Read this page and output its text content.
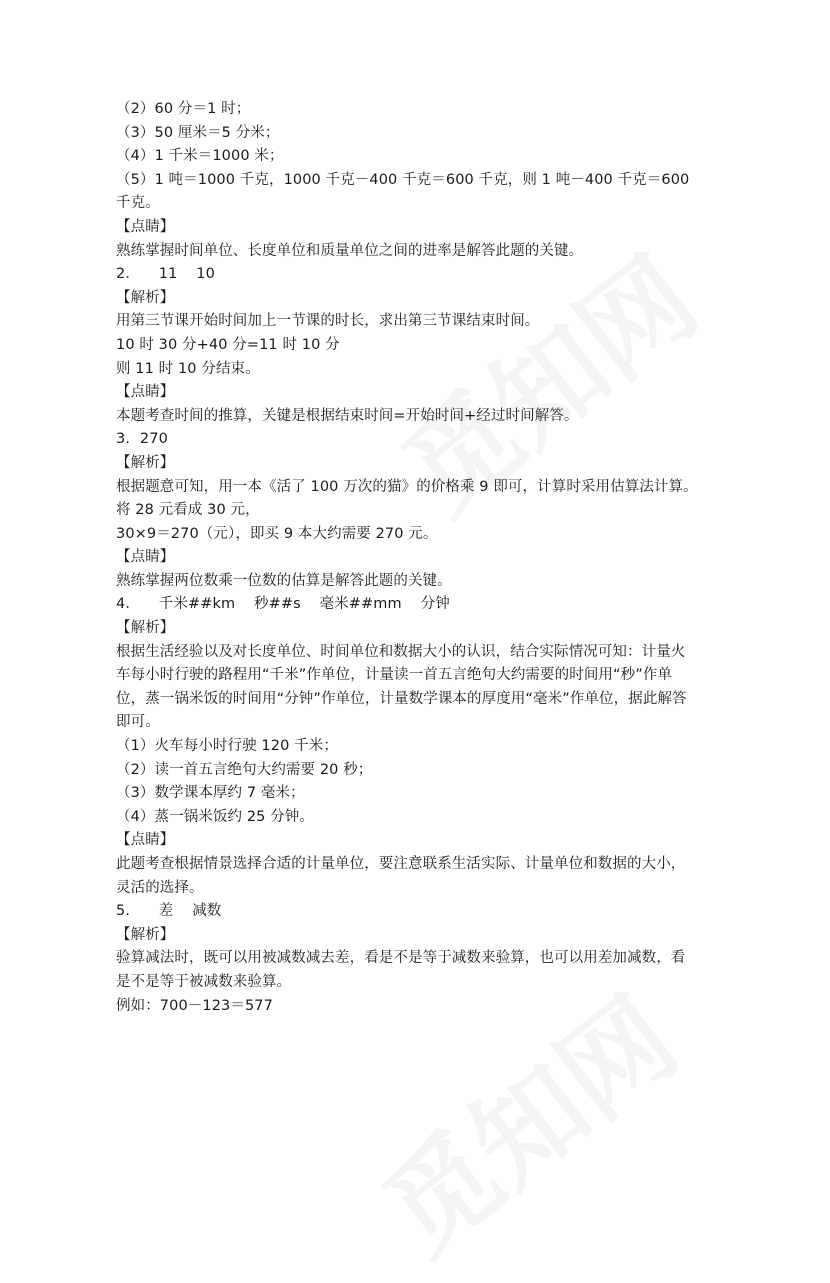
（2）60 分＝1 时；

（3）50 厘米＝5 分米；

（4）1 千米＝1000 米；

（5）1 吨＝1000 千克，1000 千克－400 千克＝600 千克，则 1 吨－400 千克＝600 千克。

【点睛】

熟练掌握时间单位、长度单位和质量单位之间的进率是解答此题的关键。

2．    11    10

【解析】

用第三节课开始时间加上一节课的时长，求出第三节课结束时间。

10 时 30 分+40 分=11 时 10 分

则 11 时 10 分结束。

【点睛】

本题考查时间的推算，关键是根据结束时间=开始时间+经过时间解答。

3．270

【解析】

根据题意可知，用一本《活了 100 万次的猫》的价格乘 9 即可，计算时采用估算法计算。

将 28 元看成 30 元，

30×9＝270（元），即买 9 本大约需要 270 元。

【点睛】

熟练掌握两位数乘一位数的估算是解答此题的关键。

4．    千米##km    秒##s    毫米##mm    分钟

【解析】

根据生活经验以及对长度单位、时间单位和数据大小的认识，结合实际情况可知：计量火

车每小时行驶的路程用“千米”作单位，计量读一首五言绝句大约需要的时间用“秒”作单

位，蒸一锅米饭的时间用“分钟”作单位，计量数学课本的厚度用“毫米”作单位，据此解答

即可。

（1）火车每小时行驶 120 千米；

（2）读一首五言绝句大约需要 20 秒；

（3）数学课本厚约 7 毫米；

（4）蒸一锅米饭约 25 分钟。

【点睛】

此题考查根据情景选择合适的计量单位，要注意联系生活实际、计量单位和数据的大小，

灵活的选择。

5．    差    减数

【解析】

验算减法时，既可以用被减数减去差，看是不是等于减数来验算，也可以用差加减数，看

是不是等于被减数来验算。

例如：700－123＝577
